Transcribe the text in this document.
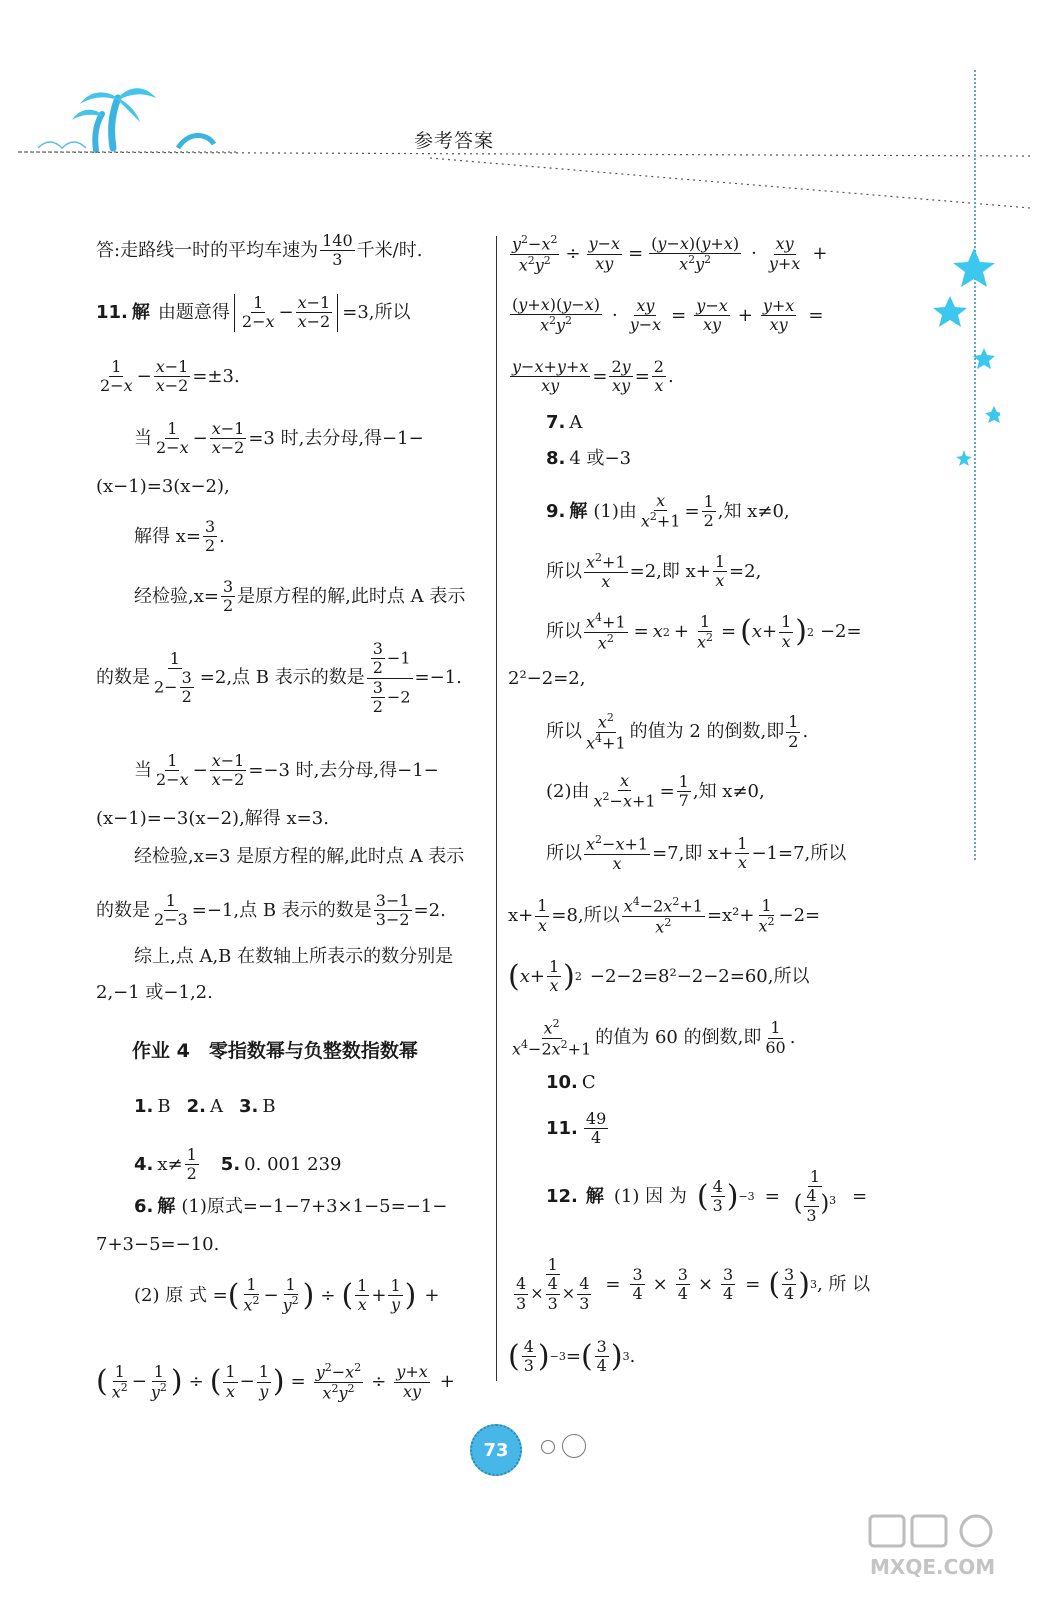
参考答案
答:走路线一时的平均车速为 $\frac{140}{3}$ 千米/时.
11. 解 由题意得 1
2−x − x−1
x−2 =3,所以
1
$2-x - \frac{x-1}{x-2} =\pm 3$.
当 1
$2-x - \frac{x-1}{x-2} =3$ 时,去分母,得−1−
(x−1)=3(x−2),
解得 $x= \frac{3}{2}$ .
经检验$,x= \frac{3}{2}$ 是原方程的解,此时点 A 表示
的数是 $\frac{1}{2- \frac{3}{2}} =2$,点 B 表示的数是 $\frac{\frac{3}{2} -1}{\frac{3}{2} -2} =-1$.
当 1
$2-x - \frac{x-1}{x-2} =-3$ 时,去分母,得−1−
(x−1)=−3(x−2),解得 x=3.
经检验,x=3 是原方程的解,此时点 A 表示
的数是 $\frac{1}{2-3} =-1$,点 B 表示的数是 $\frac{3-1}{3-2} =2$.
综上,点 A,B 在数轴上所表示的数分别是
2,−1 或−1,2.
作业 4　零指数幂与负整数指数幂
1. B 2. A 3. B
4. x≠ 1
2 5. 0. 001 239
6. 解 (1)原式=−1−7+3×1−5=−1−
7+3−5=−10.
(2) 原 式 = ( 1
$x^2$ −
1
$y^2$ ) ÷ ( 1
x + 1
y ) +
( 1
$x^2$ −
1
$y^2$ ) ÷ ( 1
x − 1
y ) = $\frac{y^2-x^2}{x^2y^2} \div \frac{y+x}{xy}$ +
$\frac{y^2-x^2}{x^2y^2} \div \frac{y-x}{xy} = \frac{(y-x)(y+x)}{x^2y^2}$ · xy
y+x +
(y+x)(y−x)
$x^2y^2 \cdot \frac{xy}{y-x} = \frac{y-x}{xy} + \frac{y+x}{xy}$ =
y−x+y+x
xy = 2y
xy = 2
x .
7. A
8. 4 或−3
9. 解 (1)由
x
$x^2+1 = 1$
2 ,知 x≠0,
所以 $\frac{x^2+1}{x} =2$,即 $x+ \frac{1}{x} =2$,
所以 $\frac{x^4+1}{x^2} = x$ $2 + \frac{1}{x^2}$ = ( x + 1
x ) 2 −2=
2²−2=2,
所以 $x^2$
$x^4+1$
的值为 2 的倒数,即 1
2 .
(2)由
x
$x^2-x+1 = 1$
7 ,知 x≠0,
所以 $\frac{x^2-x+1}{x} =7$,即 $x+ \frac{1}{x} -1=7$,所以
$x+ \frac{1}{x} =8$,所以 $\frac{x^4-2x^2+1}{x^2} =x^2+ \frac{1}{x^2} -2=$
( x + 1
x ) 2 −2−2=8²−2−2=60,所以
$x^2$
$x^4-2x^2+1$
的值为 60 的倒数,即 1
60 .
10. C
11. 49
4
12. 解 (1) 因 为 ( 4
3 ) $-3 = \frac{1}{( \frac{4}{3} )^3}$ =
$\frac{1}{\frac{4}{3} \times \frac{4}{3} \times \frac{4}{3}} = \frac{3}{4} \times \frac{3}{4} \times \frac{3}{4}$ = ( 3
4 ) 3 , 所 以
( 4
3 ) −3 = ( 3
4 ) 3 .
73
MXQE.COM
